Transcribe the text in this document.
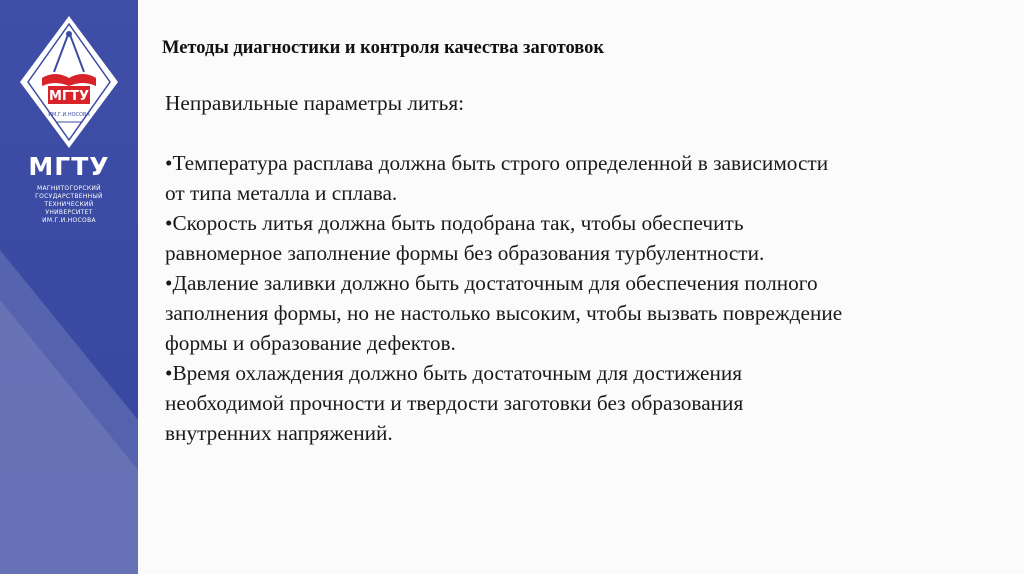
МГТУ
ИМ.Г.И.НОСОВА
МГТУ
МАГНИТОГОРСКИЙ
ГОСУДАРСТВЕННЫЙ
ТЕХНИЧЕСКИЙ
УНИВЕРСИТЕТ
ИМ.Г.И.НОСОВА
Методы диагностики и контроля качества заготовок
Неправильные параметры литья:
•Температура расплава должна быть строго определенной в зависимости
от типа металла и сплава.
•Скорость литья должна быть подобрана так, чтобы обеспечить
равномерное заполнение формы без образования турбулентности.
•Давление заливки должно быть достаточным для обеспечения полного
заполнения формы, но не настолько высоким, чтобы вызвать повреждение
формы и образование дефектов.
•Время охлаждения должно быть достаточным для достижения
необходимой прочности и твердости заготовки без образования
внутренних напряжений.
